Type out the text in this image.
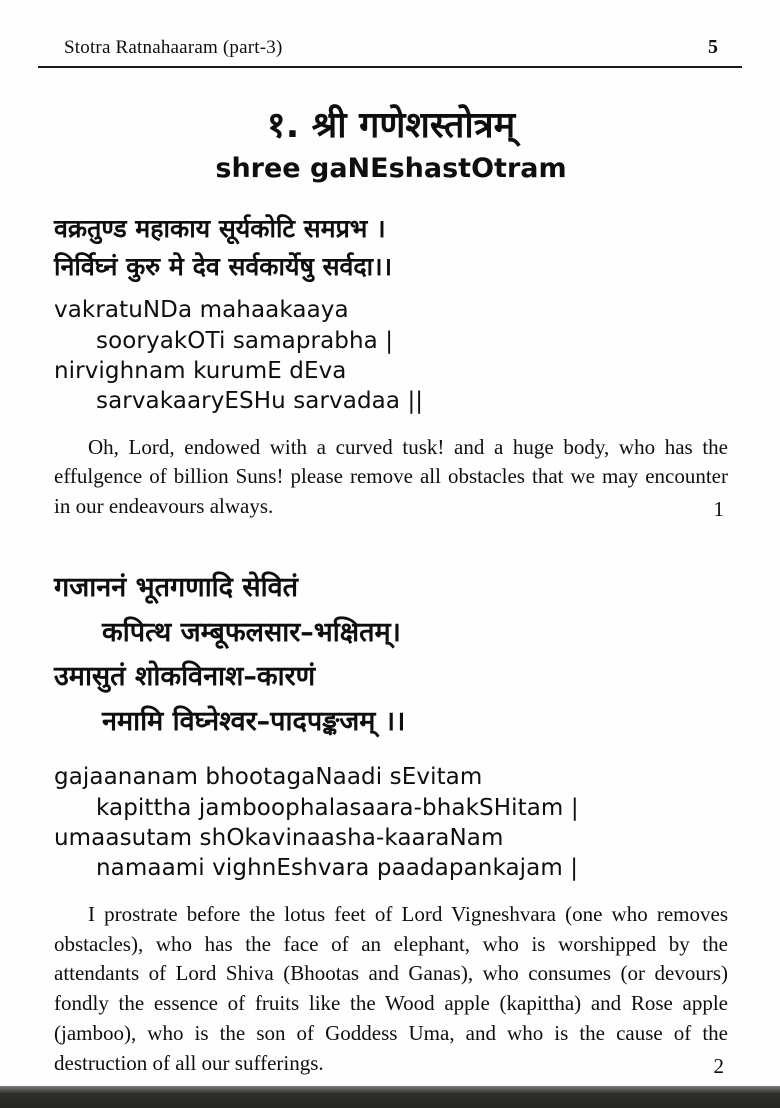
Stotra Ratnahaaram (part-3)	5
१. श्री गणेशस्तोत्रम्
shree gaNEshastOtram

वक्रतुण्ड महाकाय सूर्यकोटि समप्रभ ।

निर्विघ्नं कुरु मे देव सर्वकार्येषु सर्वदा।।

vakratuNDa mahaakaaya

sooryakOTi samaprabha |

nirvighnam kurumE dEva

sarvakaaryESHu sarvadaa ||

Oh, Lord, endowed with a curved tusk! and a huge body, who has the effulgence of billion Suns! please remove all obstacles that we may encounter in our endeavours always.	1

गजाननं भूतगणादि सेवितं

कपित्थ जम्बूफलसार–भक्षितम्।

उमासुतं शोकविनाश–कारणं

नमामि विघ्नेश्वर–पादपङ्कजम् ।।

gajaananam bhootagaNaadi sEvitam

kapittha jamboophalasaara-bhakSHitam |

umaasutam shOkavinaasha-kaaraNam

namaami vighnEshvara paadapankajam |

I prostrate before the lotus feet of Lord Vigneshvara (one who removes obstacles), who has the face of an elephant, who is worshipped by the attendants of Lord Shiva (Bhootas and Ganas), who consumes (or devours) fondly the essence of fruits like the Wood apple (kapittha) and Rose apple (jamboo), who is the son of Goddess Uma, and who is the cause of the destruction of all our sufferings.	2
